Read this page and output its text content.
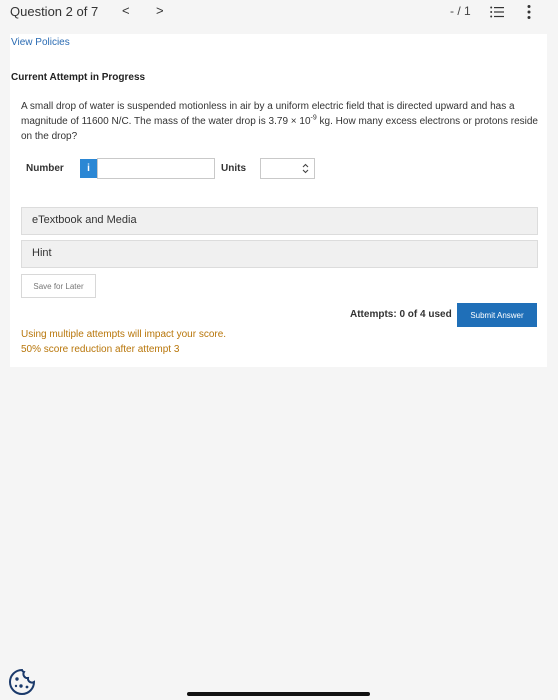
Question 2 of 7 < >	- / 1
View Policies
Current Attempt in Progress
A small drop of water is suspended motionless in air by a uniform electric field that is directed upward and has a magnitude of 11600 N/C. The mass of the water drop is $3.79 \times 10^{-9}$ kg. How many excess electrons or protons reside on the drop?
Number	i	Units
eTextbook and Media
Hint
Save for Later
Attempts: 0 of 4 used	Submit Answer
Using multiple attempts will impact your score.
50% score reduction after attempt 3
